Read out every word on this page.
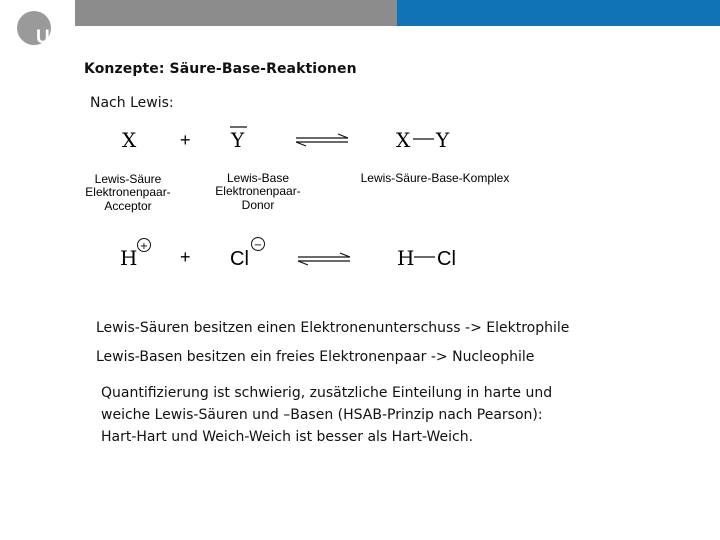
UR
Konzepte: Säure-Base-Reaktionen
Nach Lewis:
X + Y	X Y
Lewis-Säure
Elektronenpaar-
Acceptor
Lewis-Base
Elektronenpaar-
Donor
Lewis-Säure-Base-Komplex
H +
+ Cl
−
H Cl
Lewis-Säuren besitzen einen Elektronenunterschuss -> Elektrophile
Lewis-Basen besitzen ein freies Elektronenpaar -> Nucleophile
Quantifizierung ist schwierig, zusätzliche Einteilung in harte und
weiche Lewis-Säuren und –Basen (HSAB-Prinzip nach Pearson):
Hart-Hart und Weich-Weich ist besser als Hart-Weich.
